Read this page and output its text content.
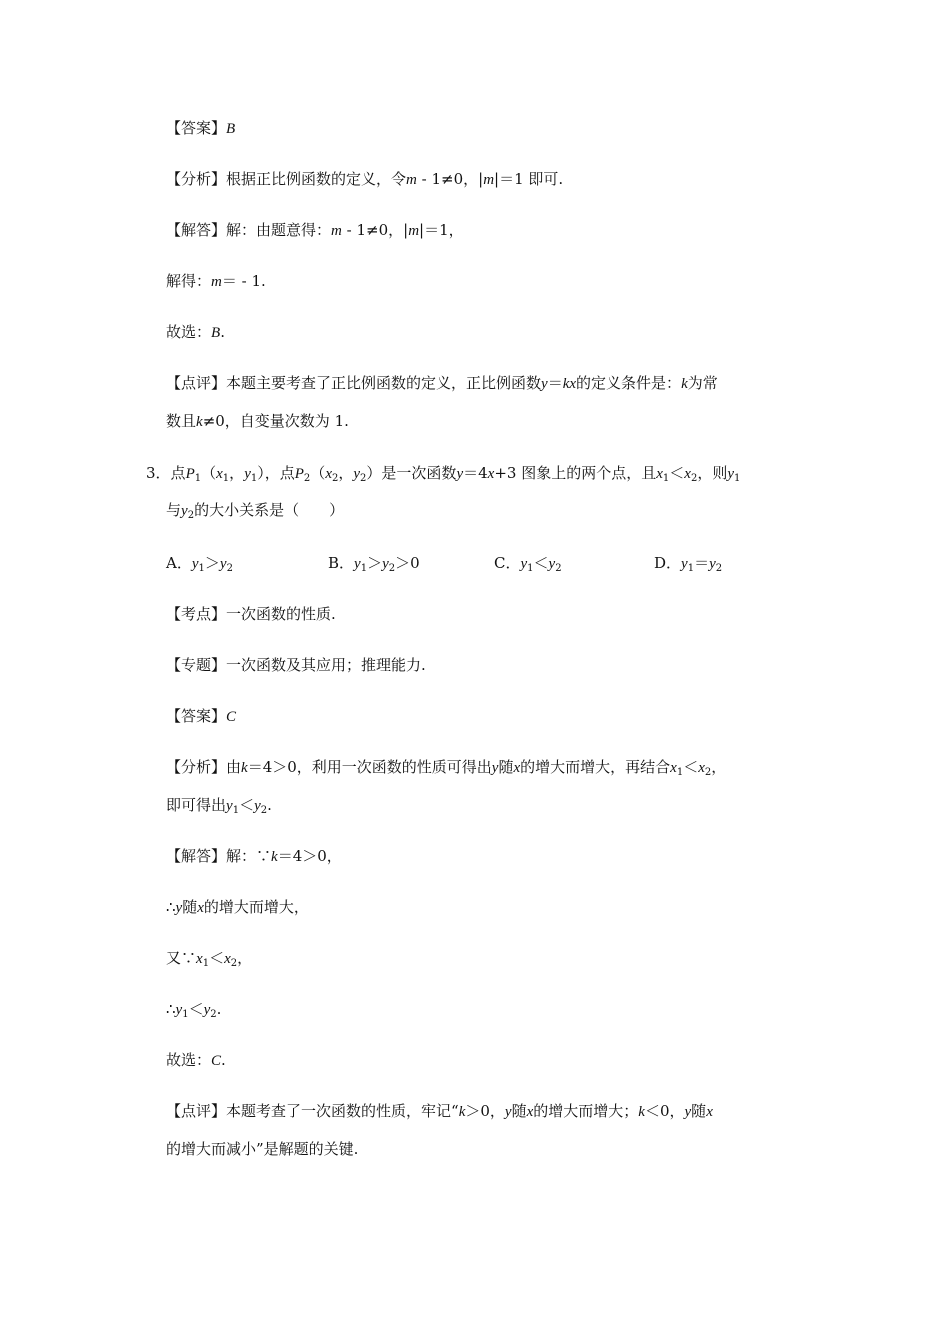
【答案】B
【分析】根据正比例函数的定义，令m - 1≠0，|m|＝1 即可.
【解答】解：由题意得：m - 1≠0，|m|＝1，
解得：m＝ - 1.
故选：B.
【点评】本题主要考查了正比例函数的定义，正比例函数y＝kx的定义条件是：k为常
数且k≠0，自变量次数为 1.
3．点$P_1(x_1$，$y_1$），点$P_2(x_2$，$y_2$）是一次函数y＝4x+3 图象上的两个点，且$x_1<x_2$，则$y_1$
与$y_2$的大小关系是（　　）
A．$y_1>y_2$	B．$y_1>y_2>0$	C．$y_1<y_2$	D．$y_1=y_2$
【考点】一次函数的性质.
【专题】一次函数及其应用；推理能力.
【答案】C
【分析】由k＝4＞0，利用一次函数的性质可得出y随x的增大而增大，再结合$x_1<x_2$，
即可得出$y_1<y_2$.
【解答】解：∵k＝4＞0，
∴y随x的增大而增大，
又$\because x_1<x_2$，
$\therefore y_1<y_2$.
故选：C.
【点评】本题考查了一次函数的性质，牢记“k＞0，y随x的增大而增大；k＜0，y随x
的增大而减小”是解题的关键.
